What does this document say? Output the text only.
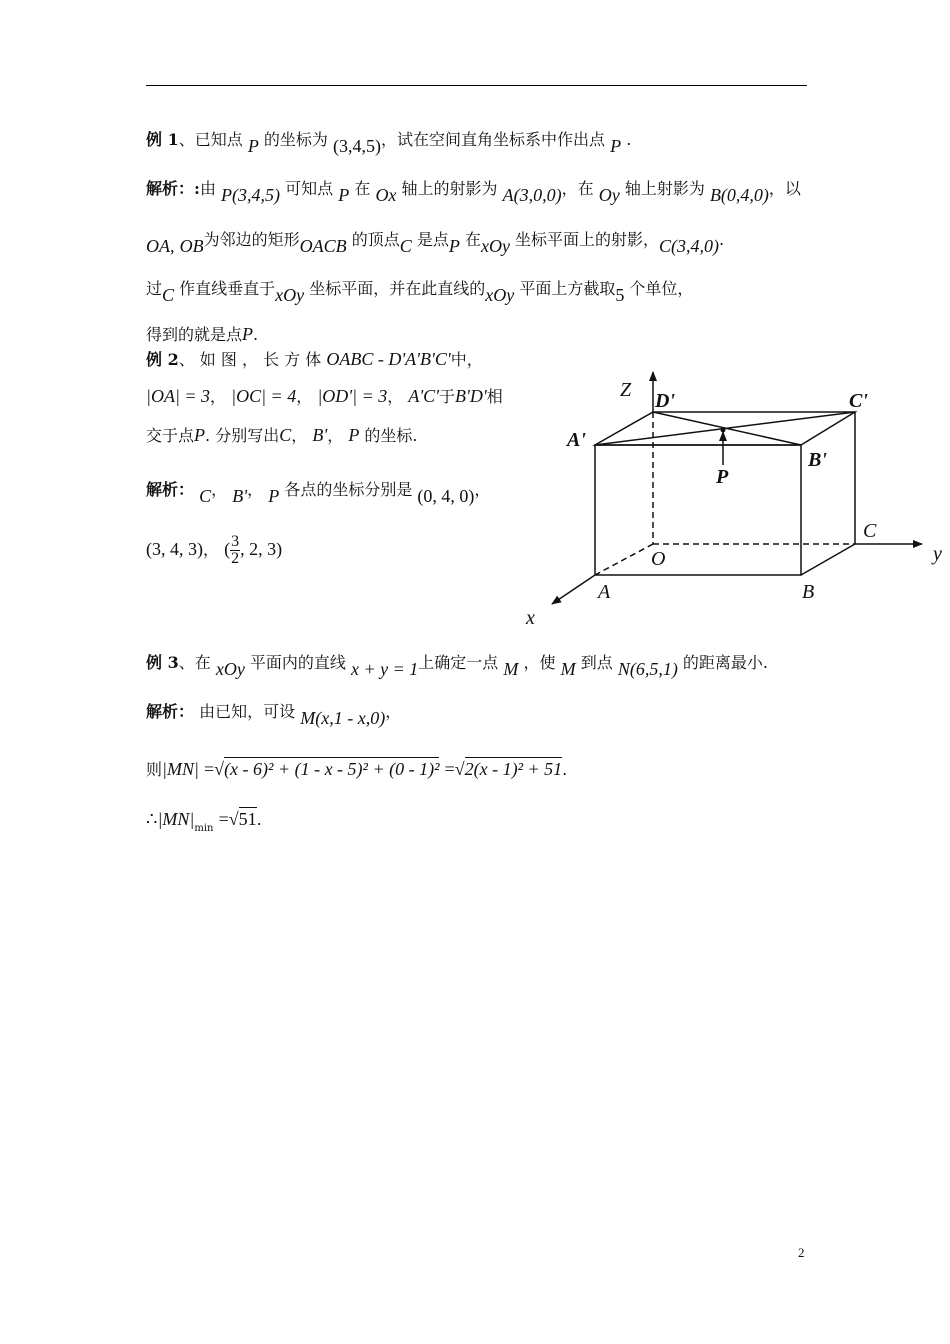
例 1、已知点 P 的坐标为 (3,4,5)，试在空间直角坐标系中作出点 P .
解析：:由 P(3,4,5) 可知点 P 在 Ox 轴上的射影为 A(3,0,0)，在 Oy 轴上射影为 B(0,4,0)，以
OA, OB为邻边的矩形OACB 的顶点C 是点P 在xOy 坐标平面上的射影，C(3,4,0).
过C 作直线垂直于xOy 坐标平面，并在此直线的xOy 平面上方截取5 个单位，
得到的就是点P.
例 2、 如 图 ， 长 方 体 OABC - D'A'B'C'中，
|OA| = 3， |OC| = 4， |OD'| = 3， A'C'于B'D'相
交于点P. 分别写出C， B'， P 的坐标.
解析： C， B'， P 各点的坐标分别是 (0, 4, 0)，
(3, 4, 3)， ( $\frac{3}{2}$ , 2, 3)
例 3、在 xOy 平面内的直线 x + y = 1上确定一点 M ，使 M 到点 N(6,5,1) 的距离最小.
解析： 由已知，可设 M(x,1 - x,0)，
则|MN| =√(x - 6)² + (1 - x - 5)² + (0 - 1)² =√2(x - 1)² + 51.
$\therefore|MN|_{min} =√51$.
Z
y
x
O
A	B
C
A'
B'
C'
D'
P
2
